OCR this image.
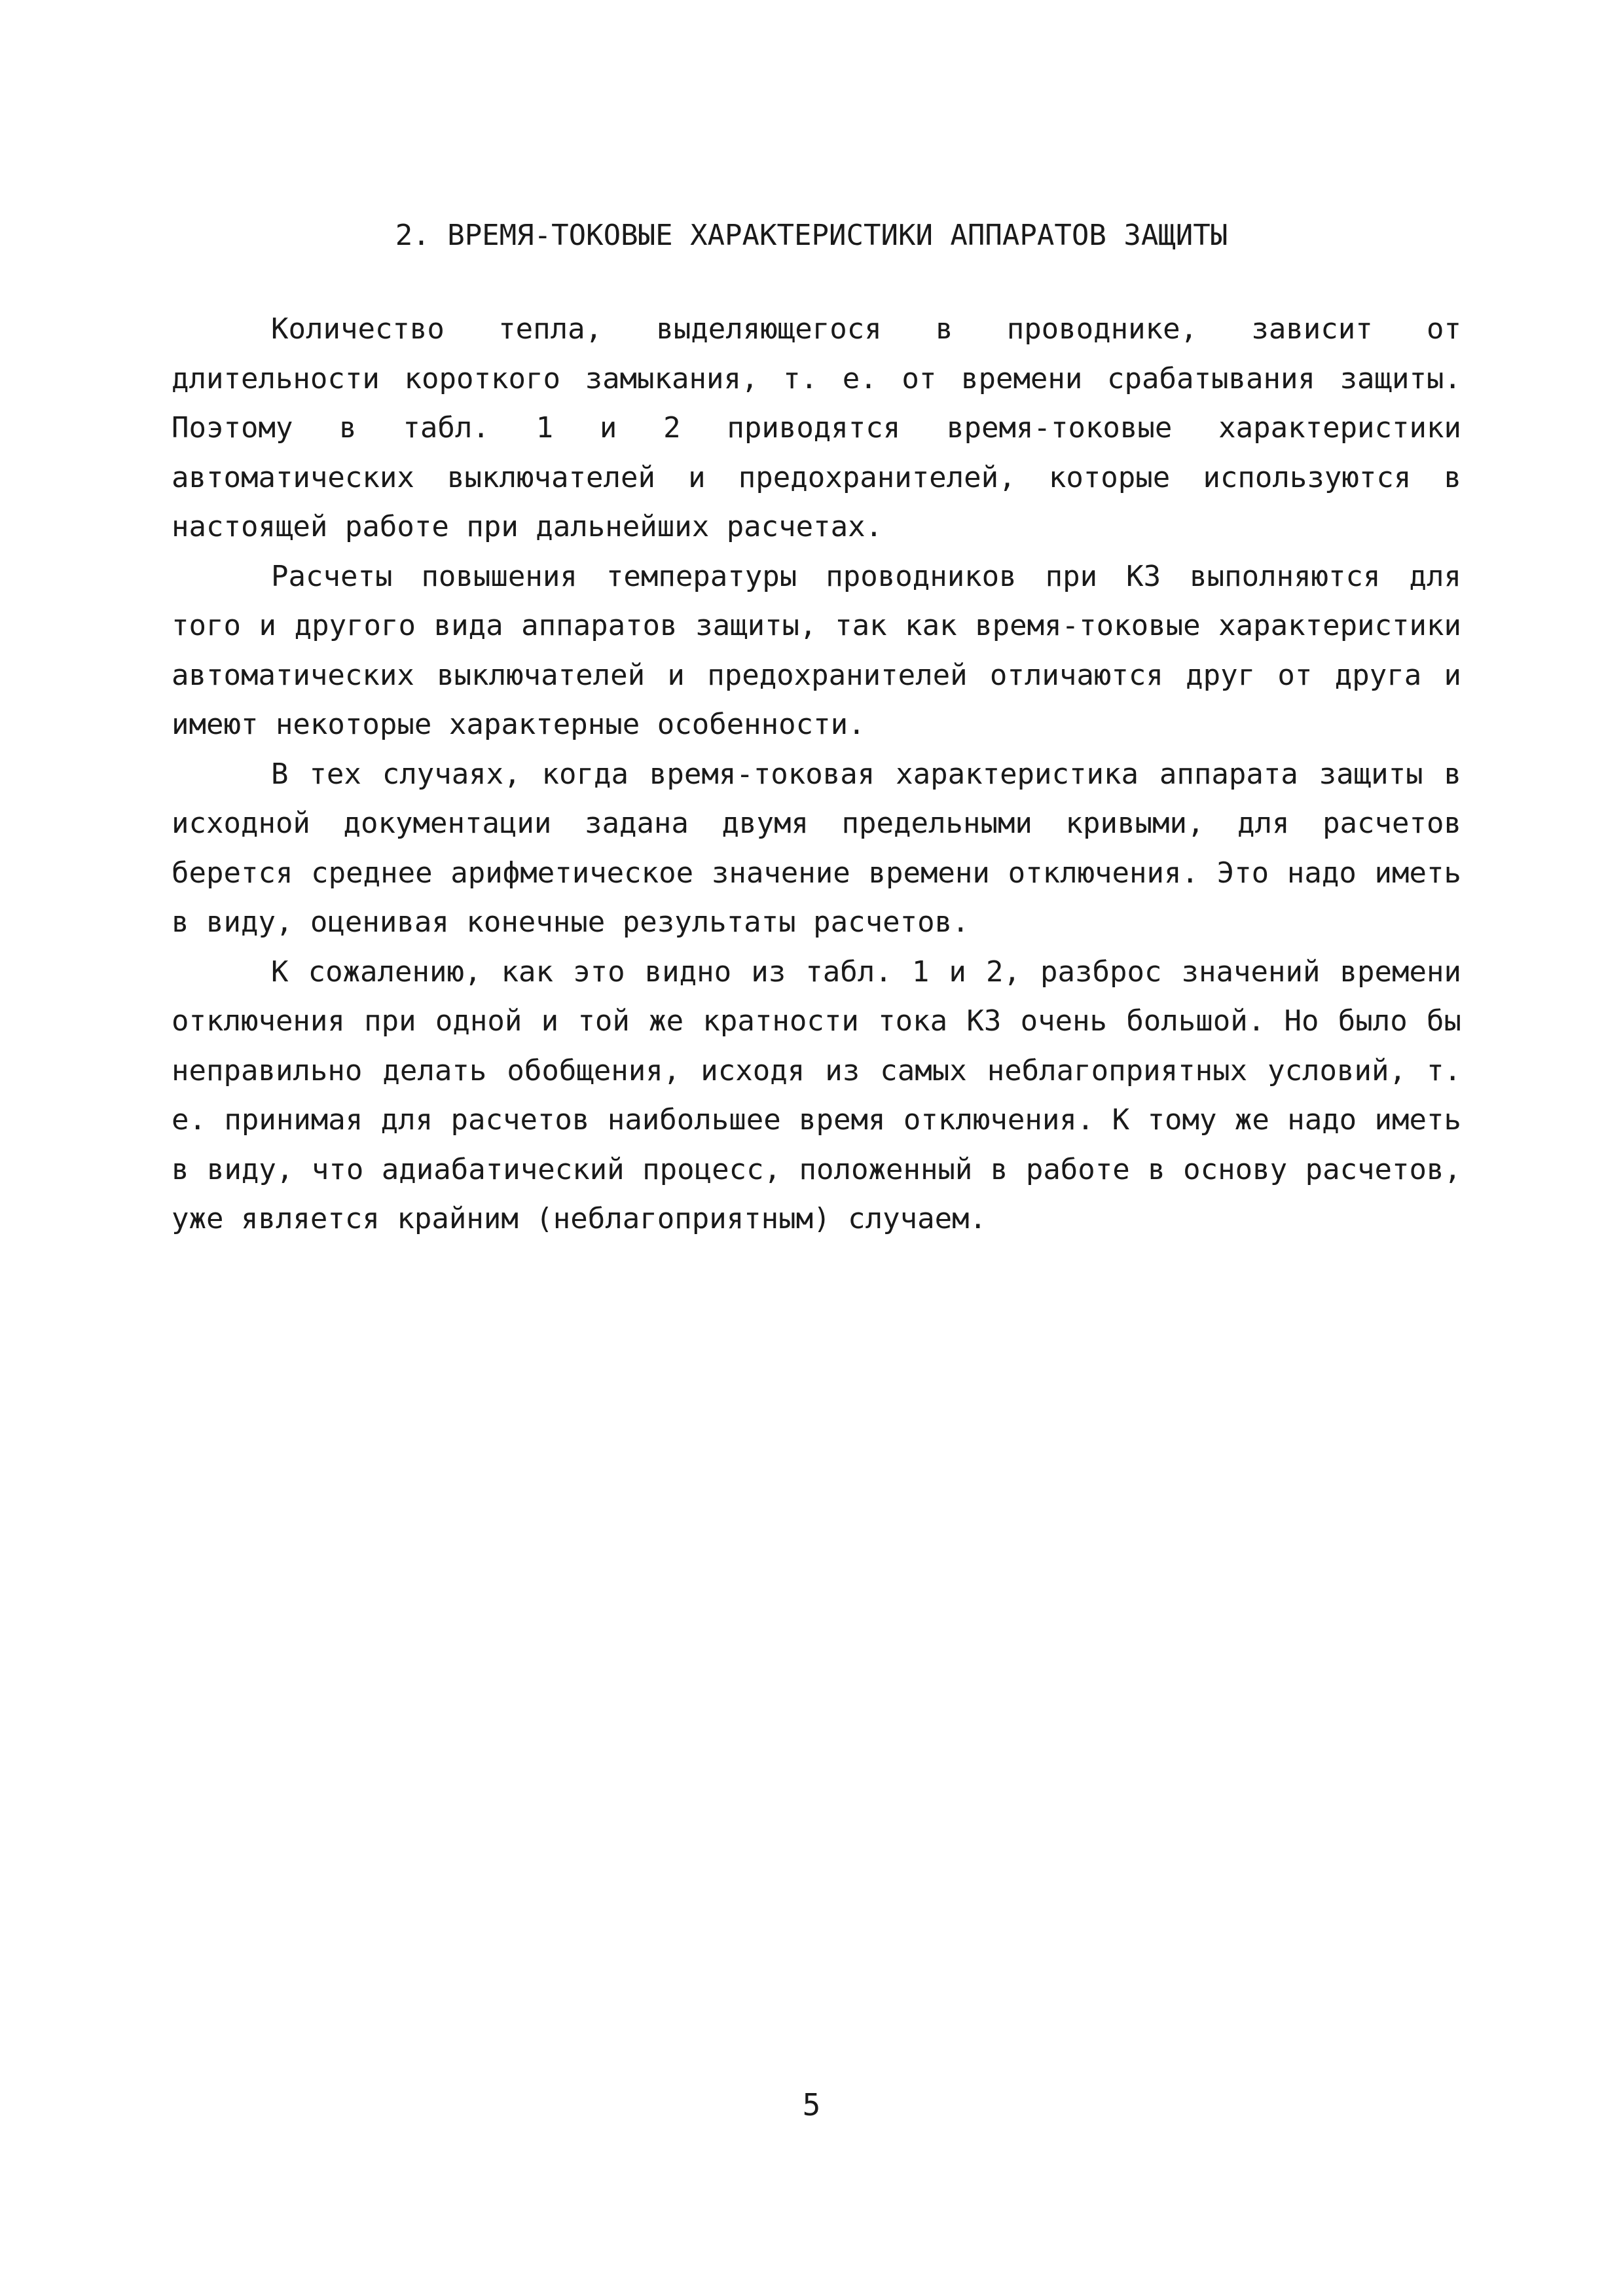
2. ВРЕМЯ-ТОКОВЫЕ ХАРАКТЕРИСТИКИ АППАРАТОВ ЗАЩИТЫ

Количество тепла, выделяющегося в проводнике, зависит от длительности короткого замыкания, т. е. от времени срабатывания защиты. Поэтому в табл. 1 и 2 приводятся время-токовые характеристики автоматических выключателей и предохранителей, которые используются в настоящей работе при дальнейших расчетах.

Расчеты повышения температуры проводников при КЗ выполняются для того и другого вида аппаратов защиты, так как время-токовые характеристики автоматических выключателей и предохранителей отличаются друг от друга и имеют некоторые характерные особенности.

В тех случаях, когда время-токовая характеристика аппарата защиты в исходной документации задана двумя предельными кривыми, для расчетов берется среднее арифметическое значение времени отключения. Это надо иметь в виду, оценивая конечные результаты расчетов.

К сожалению, как это видно из табл. 1 и 2, разброс значений времени отключения при одной и той же кратности тока КЗ очень большой. Но было бы неправильно делать обобщения, исходя из самых неблагоприятных условий, т. е. принимая для расчетов наибольшее время отключения. К тому же надо иметь в виду, что адиабатический процесс, положенный в работе в основу расчетов, уже является крайним (неблагоприятным) случаем.

5
